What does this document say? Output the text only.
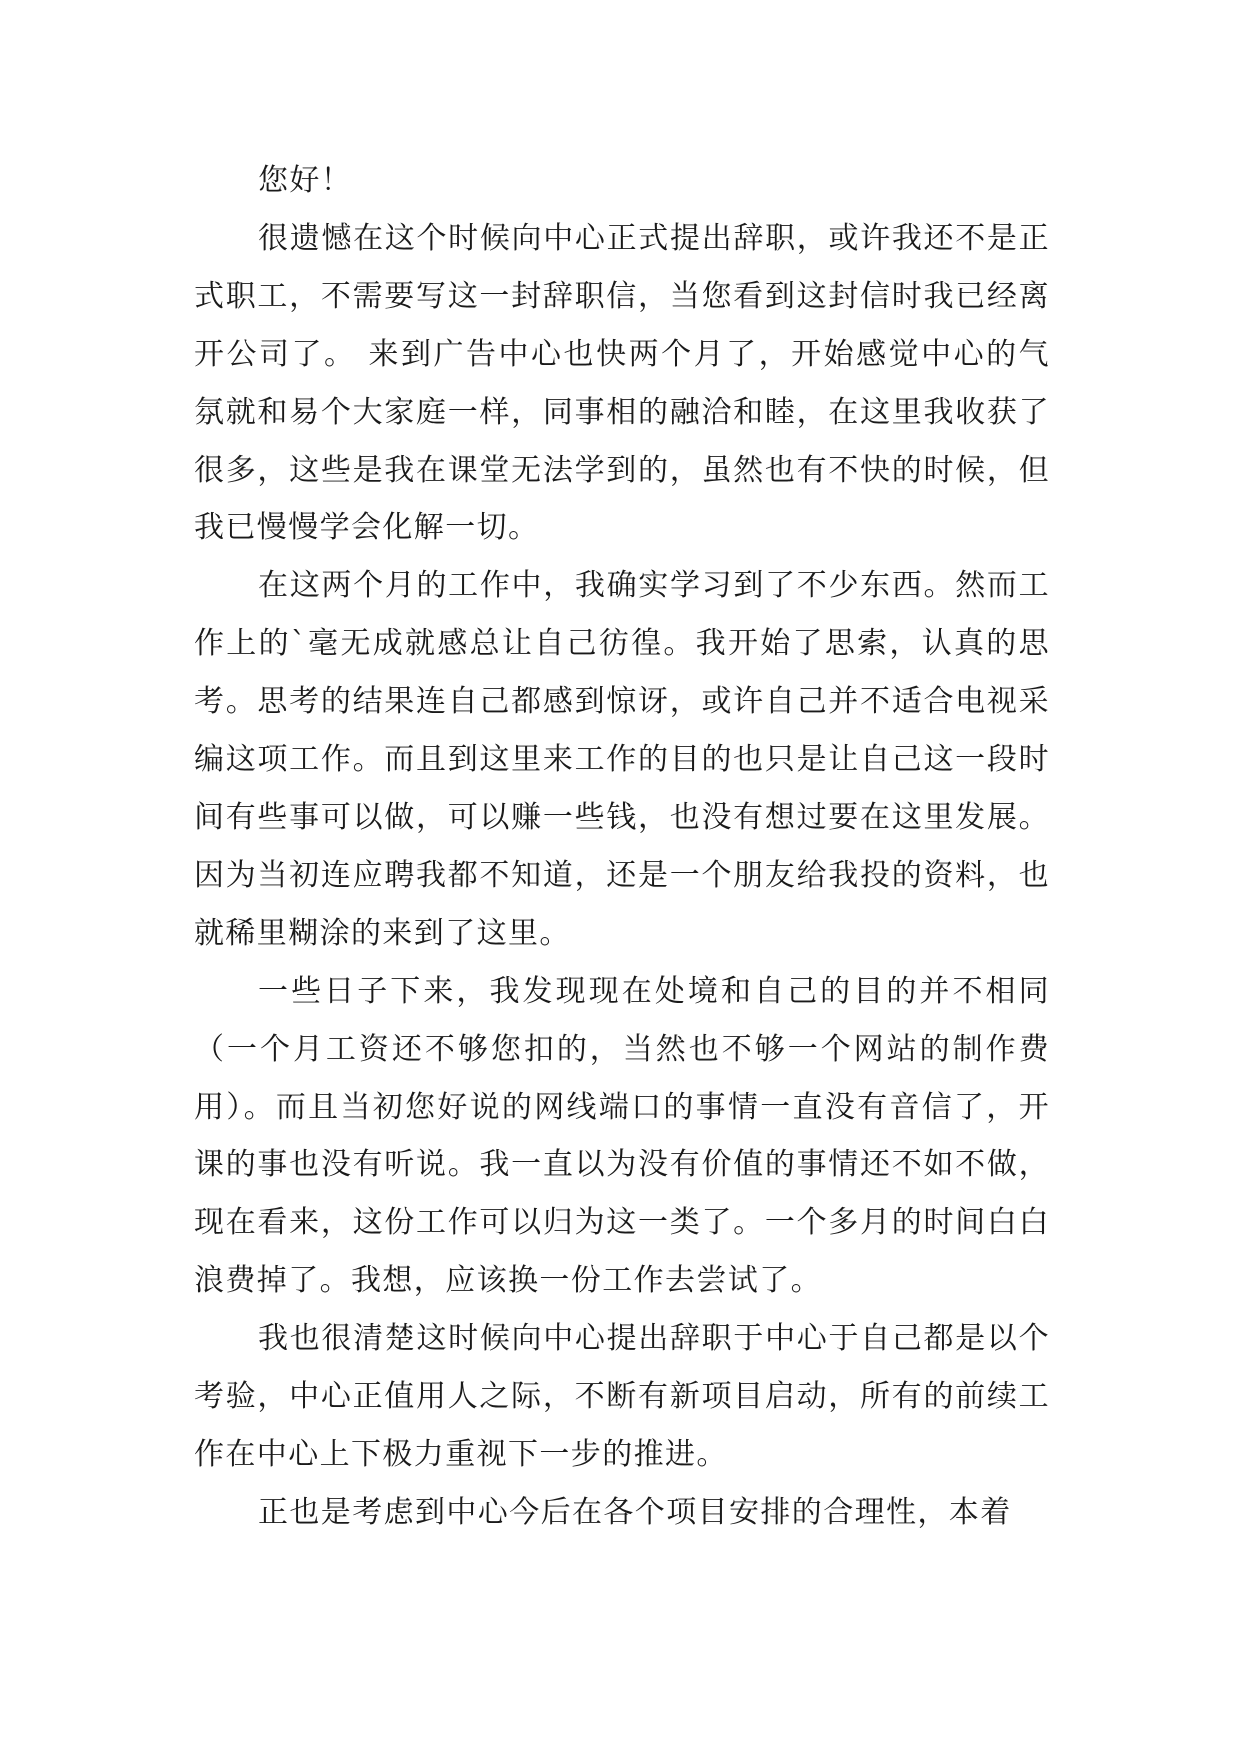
您好！

很遗憾在这个时候向中心正式提出辞职，或许我还不是正式职工，不需要写这一封辞职信，当您看到这封信时我已经离开公司了。 来到广告中心也快两个月了，开始感觉中心的气氛就和易个大家庭一样，同事相的融洽和睦，在这里我收获了很多，这些是我在课堂无法学到的，虽然也有不快的时候，但我已慢慢学会化解一切。

在这两个月的工作中，我确实学习到了不少东西。然而工作上的`毫无成就感总让自己彷徨。我开始了思索，认真的思考。思考的结果连自己都感到惊讶，或许自己并不适合电视采编这项工作。而且到这里来工作的目的也只是让自己这一段时间有些事可以做，可以赚一些钱，也没有想过要在这里发展。因为当初连应聘我都不知道，还是一个朋友给我投的资料，也就稀里糊涂的来到了这里。

一些日子下来，我发现现在处境和自己的目的并不相同（一个月工资还不够您扣的，当然也不够一个网站的制作费用）。而且当初您好说的网线端口的事情一直没有音信了，开课的事也没有听说。我一直以为没有价值的事情还不如不做，现在看来，这份工作可以归为这一类了。一个多月的时间白白浪费掉了。我想，应该换一份工作去尝试了。

我也很清楚这时候向中心提出辞职于中心于自己都是以个考验，中心正值用人之际，不断有新项目启动，所有的前续工作在中心上下极力重视下一步的推进。

正也是考虑到中心今后在各个项目安排的合理性，本着
